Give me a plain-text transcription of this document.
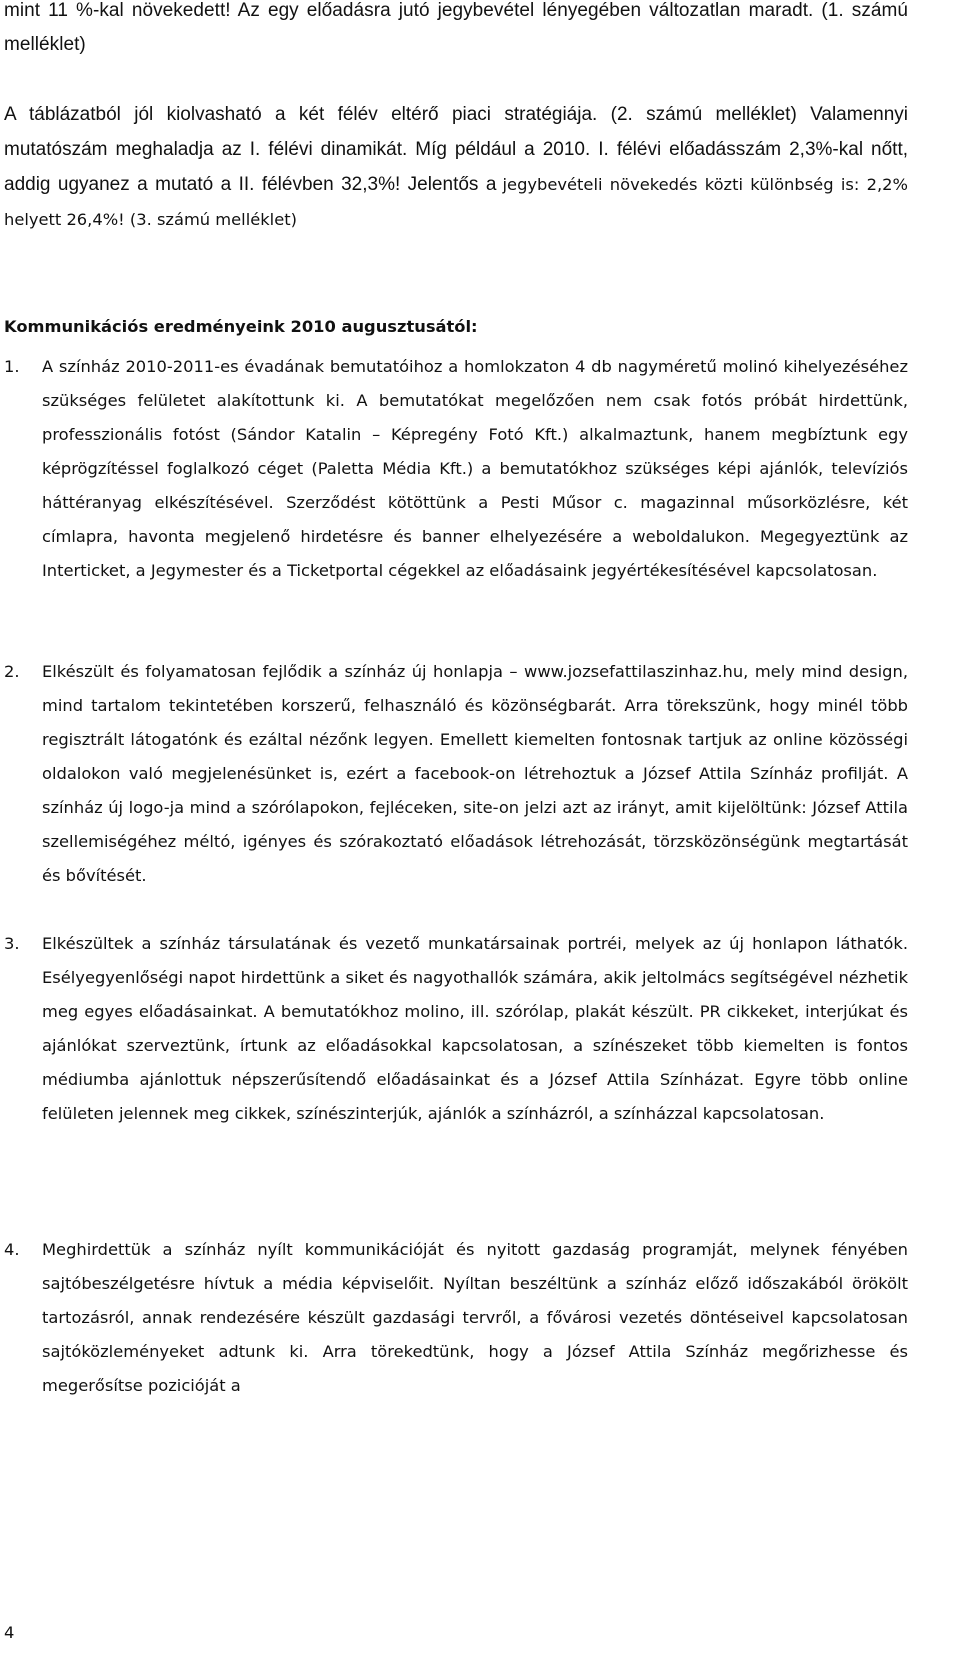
mint 11 %-kal növekedett! Az egy előadásra jutó jegybevétel lényegében változatlan maradt. (1. számú melléklet)

A táblázatból jól kiolvasható a két félév eltérő piaci stratégiája. (2. számú melléklet) Valamennyi mutatószám meghaladja az I. félévi dinamikát. Míg például a 2010. I. félévi előadásszám 2,3%-kal nőtt, addig ugyanez a mutató a II. félévben 32,3%! Jelentős a jegybevételi növekedés közti különbség is: 2,2% helyett 26,4%! (3. számú melléklet)
Kommunikációs eredményeink 2010 augusztusától:
1.	A színház 2010-2011-es évadának bemutatóihoz a homlokzaton 4 db nagyméretű molinó kihelyezéséhez szükséges felületet alakítottunk ki. A bemutatókat megelőzően nem csak fotós próbát hirdettünk, professzionális fotóst (Sándor Katalin – Képregény Fotó Kft.) alkalmaztunk, hanem megbíztunk egy képrögzítéssel foglalkozó céget (Paletta Média Kft.) a bemutatókhoz szükséges képi ajánlók, televíziós háttéranyag elkészítésével. Szerződést kötöttünk a Pesti Műsor c. magazinnal műsorközlésre, két címlapra, havonta megjelenő hirdetésre és banner elhelyezésére a weboldalukon. Megegyeztünk az Interticket, a Jegymester és a Ticketportal cégekkel az előadásaink jegyértékesítésével kapcsolatosan.
2.	Elkészült és folyamatosan fejlődik a színház új honlapja – www.jozsefattilaszinhaz.hu, mely mind design, mind tartalom tekintetében korszerű, felhasználó és közönségbarát. Arra törekszünk, hogy minél több regisztrált látogatónk és ezáltal nézőnk legyen. Emellett kiemelten fontosnak tartjuk az online közösségi oldalokon való megjelenésünket is, ezért a facebook-on létrehoztuk a József Attila Színház profilját. A színház új logo-ja mind a szórólapokon, fejléceken, site-on jelzi azt az irányt, amit kijelöltünk: József Attila szellemiségéhez méltó, igényes és szórakoztató előadások létrehozását, törzsközönségünk megtartását és bővítését.
3.	Elkészültek a színház társulatának és vezető munkatársainak portréi, melyek az új honlapon láthatók. Esélyegyenlőségi napot hirdettünk a siket és nagyothallók számára, akik jeltolmács segítségével nézhetik meg egyes előadásainkat. A bemutatókhoz molino, ill. szórólap, plakát készült. PR cikkeket, interjúkat és ajánlókat szerveztünk, írtunk az előadásokkal kapcsolatosan, a színészeket több kiemelten is fontos médiumba ajánlottuk népszerűsítendő előadásainkat és a József Attila Színházat. Egyre több online felületen jelennek meg cikkek, színészinterjúk, ajánlók a színházról, a színházzal kapcsolatosan.
4.	Meghirdettük a színház nyílt kommunikációját és nyitott gazdaság programját, melynek fényében sajtóbeszélgetésre hívtuk a média képviselőit. Nyíltan beszéltünk a színház előző időszakából örökölt tartozásról, annak rendezésére készült gazdasági tervről, a fővárosi vezetés döntéseivel kapcsolatosan sajtóközleményeket adtunk ki. Arra törekedtünk, hogy a József Attila Színház megőrizhesse és megerősítse pozicióját a
4
